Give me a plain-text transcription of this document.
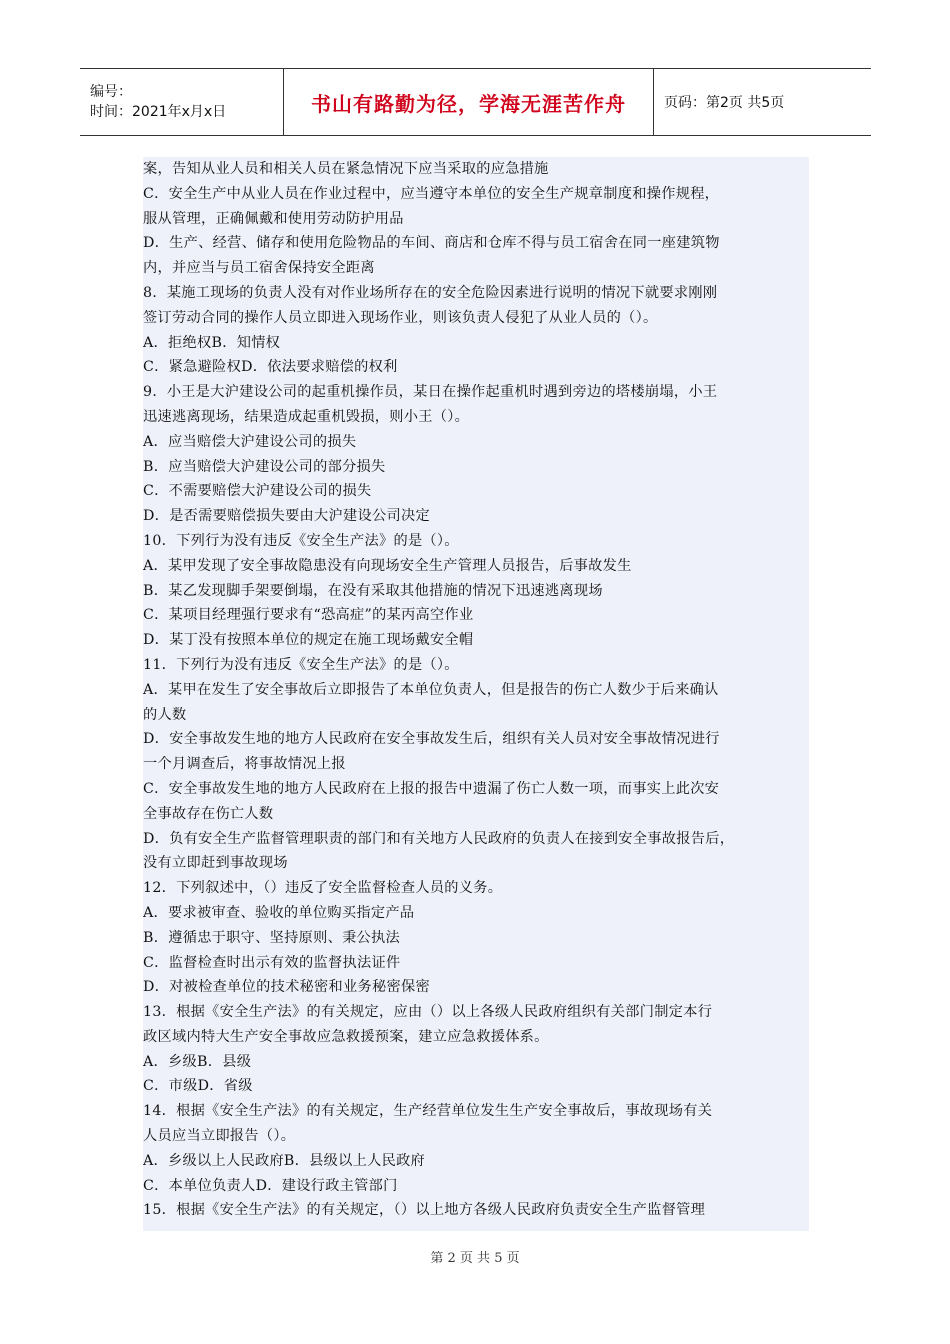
编号：
时间：2021年x月x日	书山有路勤为径，学海无涯苦作舟	页码：第2页 共5页
案，告知从业人员和相关人员在紧急情况下应当采取的应急措施
C．安全生产中从业人员在作业过程中，应当遵守本单位的安全生产规章制度和操作规程，
服从管理，正确佩戴和使用劳动防护用品
D．生产、经营、储存和使用危险物品的车间、商店和仓库不得与员工宿舍在同一座建筑物
内，并应当与员工宿舍保持安全距离
8．某施工现场的负责人没有对作业场所存在的安全危险因素进行说明的情况下就要求刚刚
签订劳动合同的操作人员立即进入现场作业，则该负责人侵犯了从业人员的（）。
A．拒绝权B．知情权
C．紧急避险权D．依法要求赔偿的权利
9．小王是大沪建设公司的起重机操作员，某日在操作起重机时遇到旁边的塔楼崩塌，小王
迅速逃离现场，结果造成起重机毁损，则小王（）。
A．应当赔偿大沪建设公司的损失
B．应当赔偿大沪建设公司的部分损失
C．不需要赔偿大沪建设公司的损失
D．是否需要赔偿损失要由大沪建设公司决定
10．下列行为没有违反《安全生产法》的是（）。
A．某甲发现了安全事故隐患没有向现场安全生产管理人员报告，后事故发生
B．某乙发现脚手架要倒塌，在没有采取其他措施的情况下迅速逃离现场
C．某项目经理强行要求有“恐高症”的某丙高空作业
D．某丁没有按照本单位的规定在施工现场戴安全帽
11．下列行为没有违反《安全生产法》的是（）。
A．某甲在发生了安全事故后立即报告了本单位负责人，但是报告的伤亡人数少于后来确认
的人数
D．安全事故发生地的地方人民政府在安全事故发生后，组织有关人员对安全事故情况进行
一个月调查后，将事故情况上报
C．安全事故发生地的地方人民政府在上报的报告中遗漏了伤亡人数一项，而事实上此次安
全事故存在伤亡人数
D．负有安全生产监督管理职责的部门和有关地方人民政府的负责人在接到安全事故报告后，
没有立即赶到事故现场
12．下列叙述中，（）违反了安全监督检查人员的义务。
A．要求被审查、验收的单位购买指定产品
B．遵循忠于职守、坚持原则、秉公执法
C．监督检查时出示有效的监督执法证件
D．对被检查单位的技术秘密和业务秘密保密
13．根据《安全生产法》的有关规定，应由（）以上各级人民政府组织有关部门制定本行
政区域内特大生产安全事故应急救援预案，建立应急救援体系。
A．乡级B．县级
C．市级D．省级
14．根据《安全生产法》的有关规定，生产经营单位发生生产安全事故后，事故现场有关
人员应当立即报告（）。
A．乡级以上人民政府B．县级以上人民政府
C．本单位负责人D．建设行政主管部门
15．根据《安全生产法》的有关规定，（）以上地方各级人民政府负责安全生产监督管理
第 2 页 共 5 页
